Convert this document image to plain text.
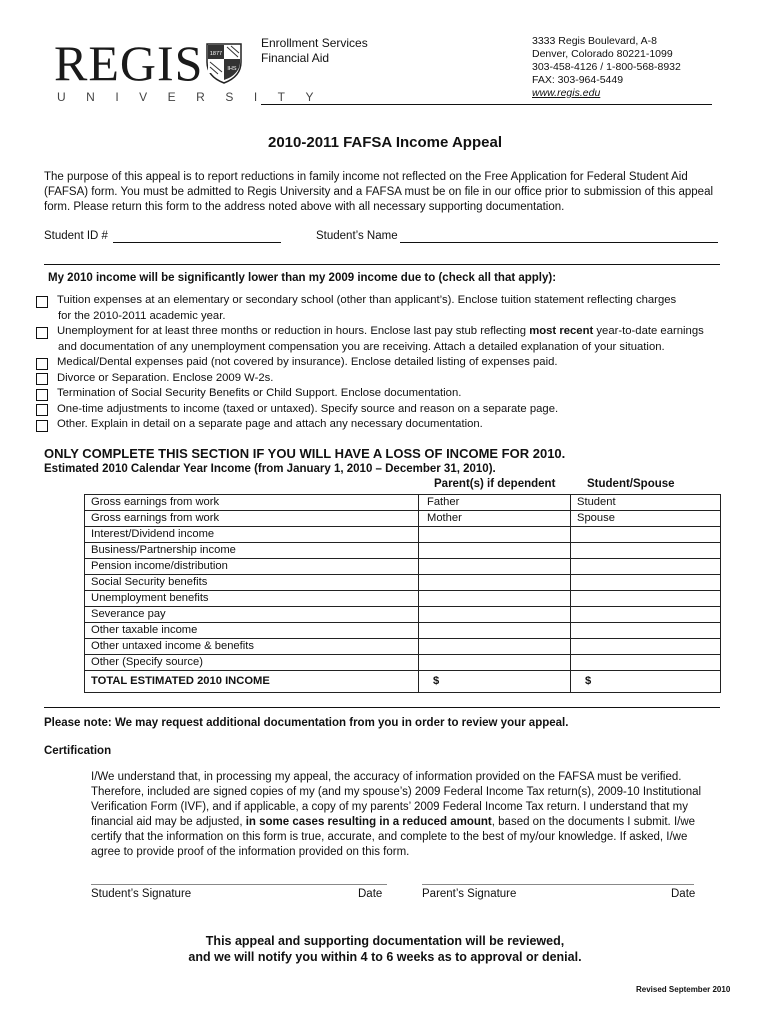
REGIS 1877
IHS
UNIVERSITY
Enrollment Services
Financial Aid
3333 Regis Boulevard, A-8
Denver, Colorado 80221-1099
303-458-4126 / 1-800-568-8932
FAX: 303-964-5449
www.regis.edu
2010-2011 FAFSA Income Appeal
The purpose of this appeal is to report reductions in family income not reflected on the Free Application for Federal Student Aid
(FAFSA) form. You must be admitted to Regis University and a FAFSA must be on file in our office prior to submission of this appeal
form. Please return this form to the address noted above with all necessary supporting documentation.
Student ID #	Student’s Name
My 2010 income will be significantly lower than my 2009 income due to (check all that apply):
Tuition expenses at an elementary or secondary school (other than applicant’s). Enclose tuition statement reflecting charges
for the 2010-2011 academic year.
Unemployment for at least three months or reduction in hours. Enclose last pay stub reflecting most recent year-to-date earnings
and documentation of any unemployment compensation you are receiving. Attach a detailed explanation of your situation.
Medical/Dental expenses paid (not covered by insurance). Enclose detailed listing of expenses paid.
Divorce or Separation. Enclose 2009 W-2s.
Termination of Social Security Benefits or Child Support. Enclose documentation.
One-time adjustments to income (taxed or untaxed). Specify source and reason on a separate page.
Other. Explain in detail on a separate page and attach any necessary documentation.
ONLY COMPLETE THIS SECTION IF YOU WILL HAVE A LOSS OF INCOME FOR 2010.
Estimated 2010 Calendar Year Income (from January 1, 2010 – December 31, 2010).
Parent(s) if dependent	Student/Spouse
Gross earnings from work	Father	Student
Gross earnings from work	Mother	Spouse
Interest/Dividend income		
Business/Partnership income		
Pension income/distribution		
Social Security benefits		
Unemployment benefits		
Severance pay		
Other taxable income		
Other untaxed income & benefits		
Other (Specify source)		
TOTAL ESTIMATED 2010 INCOME	$	$
Please note: We may request additional documentation from you in order to review your appeal.
Certification
I/We understand that, in processing my appeal, the accuracy of information provided on the FAFSA must be verified.
Therefore, included are signed copies of my (and my spouse’s) 2009 Federal Income Tax return(s), 2009-10 Institutional
Verification Form (IVF), and if applicable, a copy of my parents’ 2009 Federal Income Tax return. I understand that my
financial aid may be adjusted, in some cases resulting in a reduced amount, based on the documents I submit. I/we
certify that the information on this form is true, accurate, and complete to the best of my/our knowledge. If asked, I/we
agree to provide proof of the information provided on this form.
Student’s Signature	Date	Parent’s Signature	Date
This appeal and supporting documentation will be reviewed,
and we will notify you within 4 to 6 weeks as to approval or denial.
Revised September 2010
